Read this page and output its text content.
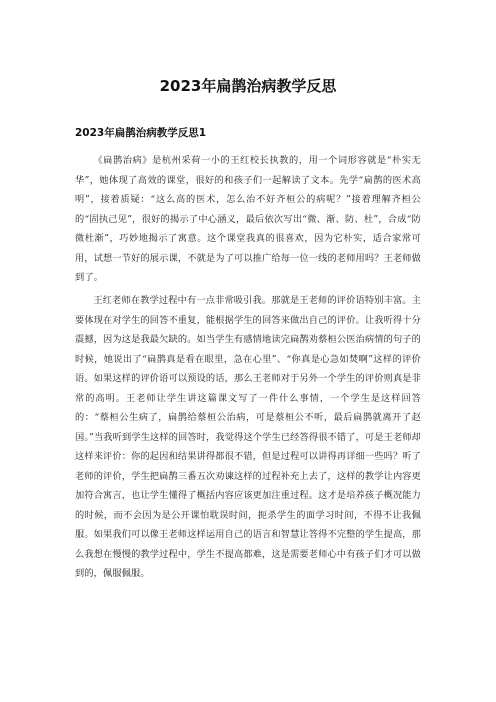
2023年扁鹊治病教学反思
2023年扁鹊治病教学反思1

《扁鹊治病》是杭州采荷一小的王红校长执教的，用一个词形容就是“朴实无华”，她体现了高效的课堂，很好的和孩子们一起解读了文本。先学“扁鹊的医术高明”，接着质疑：“这么高的医术，怎么治不好齐桓公的病呢？”接着理解齐桓公的“固执己见”，很好的揭示了中心涵义，最后依次写出“微、渐、防、杜”，合成“防微杜渐”，巧妙地揭示了寓意。这个课堂我真的很喜欢，因为它朴实，适合家常可用，试想一节好的展示课，不就是为了可以推广给每一位一线的老师用吗？王老师做到了。

王红老师在教学过程中有一点非常吸引我。那就是王老师的评价语特别丰富。主要体现在对学生的回答不重复，能根据学生的回答来做出自己的评价。让我听得十分震撼，因为这是我最欠缺的。如当学生有感情地读完扁鹊劝蔡桓公医治病情的句子的时候，她说出了“扁鹊真是看在眼里，急在心里”、“你真是心急如焚啊”这样的评价语。如果这样的评价语可以预设的话，那么王老师对于另外一个学生的评价则真是非常的高明。王老师让学生讲这篇课文写了一件什么事情，一个学生是这样回答的：“蔡桓公生病了，扁鹊给蔡桓公治病，可是蔡桓公不听，最后扁鹊就离开了赵国。”当我听到学生这样的回答时，我觉得这个学生已经答得很不错了，可是王老师却这样来评价：你的起因和结果讲得都很不错，但是过程可以讲得再详细一些吗？听了老师的评价，学生把扁鹊三番五次劝谏这样的过程补充上去了，这样的教学让内容更加符合寓言，也让学生懂得了概括内容应该更加注重过程。这才是培养孩子概况能力的时候，而不会因为是公开课怕耽误时间，扼杀学生的面学习时间，不得不让我佩服。如果我们可以像王老师这样运用自己的语言和智慧让答得不完整的学生提高，那么我想在慢慢的教学过程中，学生不提高都难，这是需要老师心中有孩子们才可以做到的，佩服佩服。
